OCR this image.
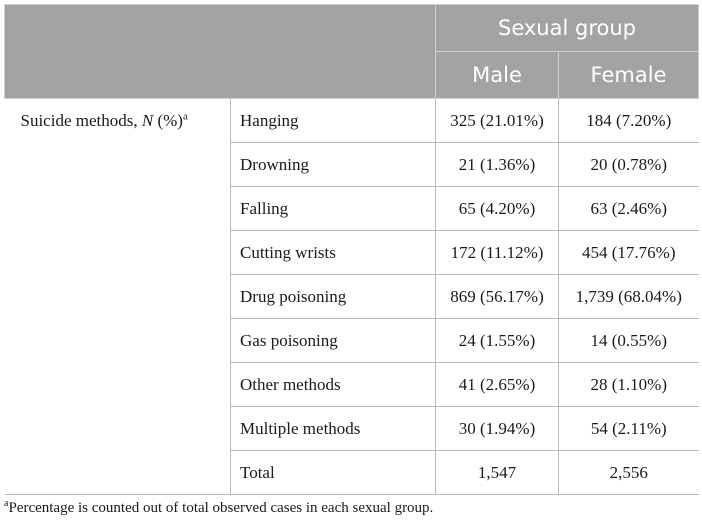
		Sexual group	
		Male	Female
Suicide methods, N (%)$^a$	Hanging	325 (21.01%)	184 (7.20%)
	Drowning	21 (1.36%)	20 (0.78%)
	Falling	65 (4.20%)	63 (2.46%)
	Cutting wrists	172 (11.12%)	454 (17.76%)
	Drug poisoning	869 (56.17%)	1,739 (68.04%)
	Gas poisoning	24 (1.55%)	14 (0.55%)
	Other methods	41 (2.65%)	28 (1.10%)
	Multiple methods	30 (1.94%)	54 (2.11%)
	Total	1,547	2,556
$^a$Percentage is counted out of total observed cases in each sexual group.
